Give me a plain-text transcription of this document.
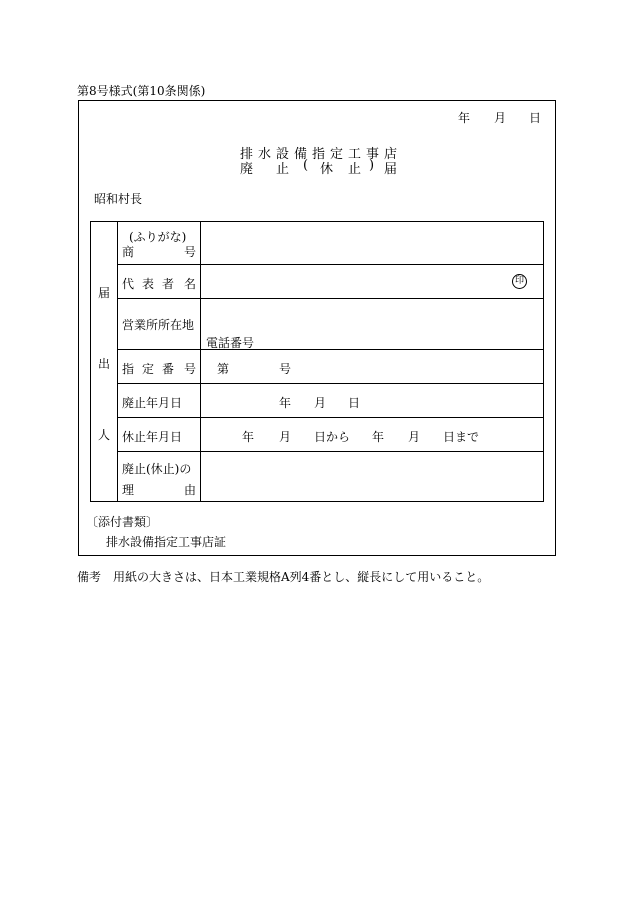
第8号様式(第10条関係)
年 月 日
排 水 設 備 指 定 工 事 店
廃 止 ( 休 止 ) 届
昭和村長
届
出
人
(ふりがな)
商	号
代 表 者 名	印
営業所所在地
電話番号
指 定 番 号 第	号
廃止年月日	年 月 日
休止年月日	年 月 日から 年 月 日まで
廃止(休止)の
理	由
〔添付書類〕
排水設備指定工事店証
備考　用紙の大きさは、日本工業規格A列4番とし、縦長にして用いること。
